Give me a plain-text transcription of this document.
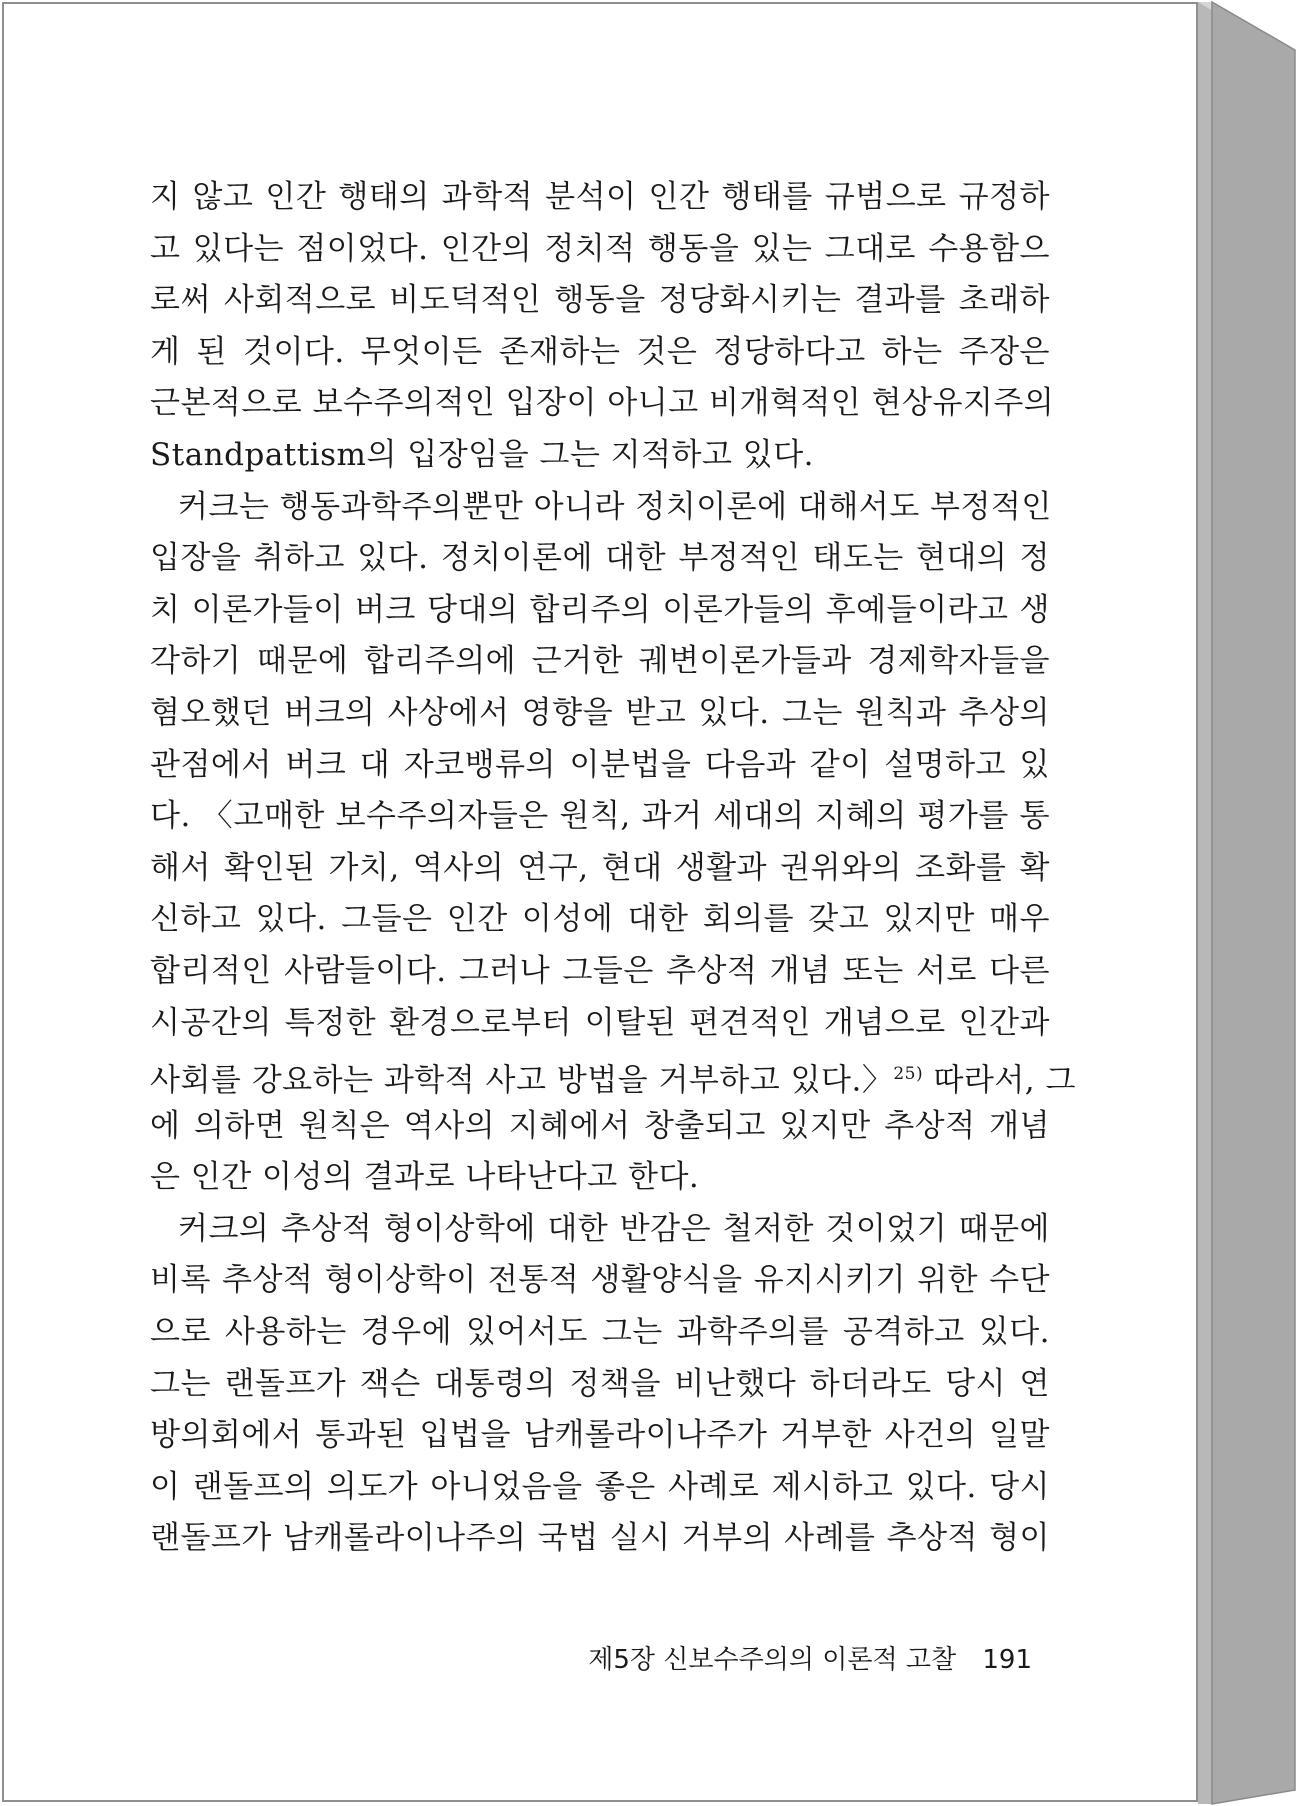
지 않고 인간 행태의 과학적 분석이 인간 행태를 규범으로 규정하
고 있다는 점이었다. 인간의 정치적 행동을 있는 그대로 수용함으
로써 사회적으로 비도덕적인 행동을 정당화시키는 결과를 초래하
게 된 것이다. 무엇이든 존재하는 것은 정당하다고 하는 주장은
근본적으로 보수주의적인 입장이 아니고 비개혁적인 현상유지주의
Standpattism의 입장임을 그는 지적하고 있다.
커크는 행동과학주의뿐만 아니라 정치이론에 대해서도 부정적인
입장을 취하고 있다. 정치이론에 대한 부정적인 태도는 현대의 정
치 이론가들이 버크 당대의 합리주의 이론가들의 후예들이라고 생
각하기 때문에 합리주의에 근거한 궤변이론가들과 경제학자들을
혐오했던 버크의 사상에서 영향을 받고 있다. 그는 원칙과 추상의
관점에서 버크 대 자코뱅류의 이분법을 다음과 같이 설명하고 있
다. 〈고매한 보수주의자들은 원칙, 과거 세대의 지혜의 평가를 통
해서 확인된 가치, 역사의 연구, 현대 생활과 권위와의 조화를 확
신하고 있다. 그들은 인간 이성에 대한 회의를 갖고 있지만 매우
합리적인 사람들이다. 그러나 그들은 추상적 개념 또는 서로 다른
시공간의 특정한 환경으로부터 이탈된 편견적인 개념으로 인간과
사회를 강요하는 과학적 사고 방법을 거부하고 있다.〉$^{25)}$ 따라서, 그
에 의하면 원칙은 역사의 지혜에서 창출되고 있지만 추상적 개념
은 인간 이성의 결과로 나타난다고 한다.
커크의 추상적 형이상학에 대한 반감은 철저한 것이었기 때문에
비록 추상적 형이상학이 전통적 생활양식을 유지시키기 위한 수단
으로 사용하는 경우에 있어서도 그는 과학주의를 공격하고 있다.
그는 랜돌프가 잭슨 대통령의 정책을 비난했다 하더라도 당시 연
방의회에서 통과된 입법을 남캐롤라이나주가 거부한 사건의 일말
이 랜돌프의 의도가 아니었음을 좋은 사례로 제시하고 있다. 당시
랜돌프가 남캐롤라이나주의 국법 실시 거부의 사례를 추상적 형이
제5장 신보수주의의 이론적 고찰 191
